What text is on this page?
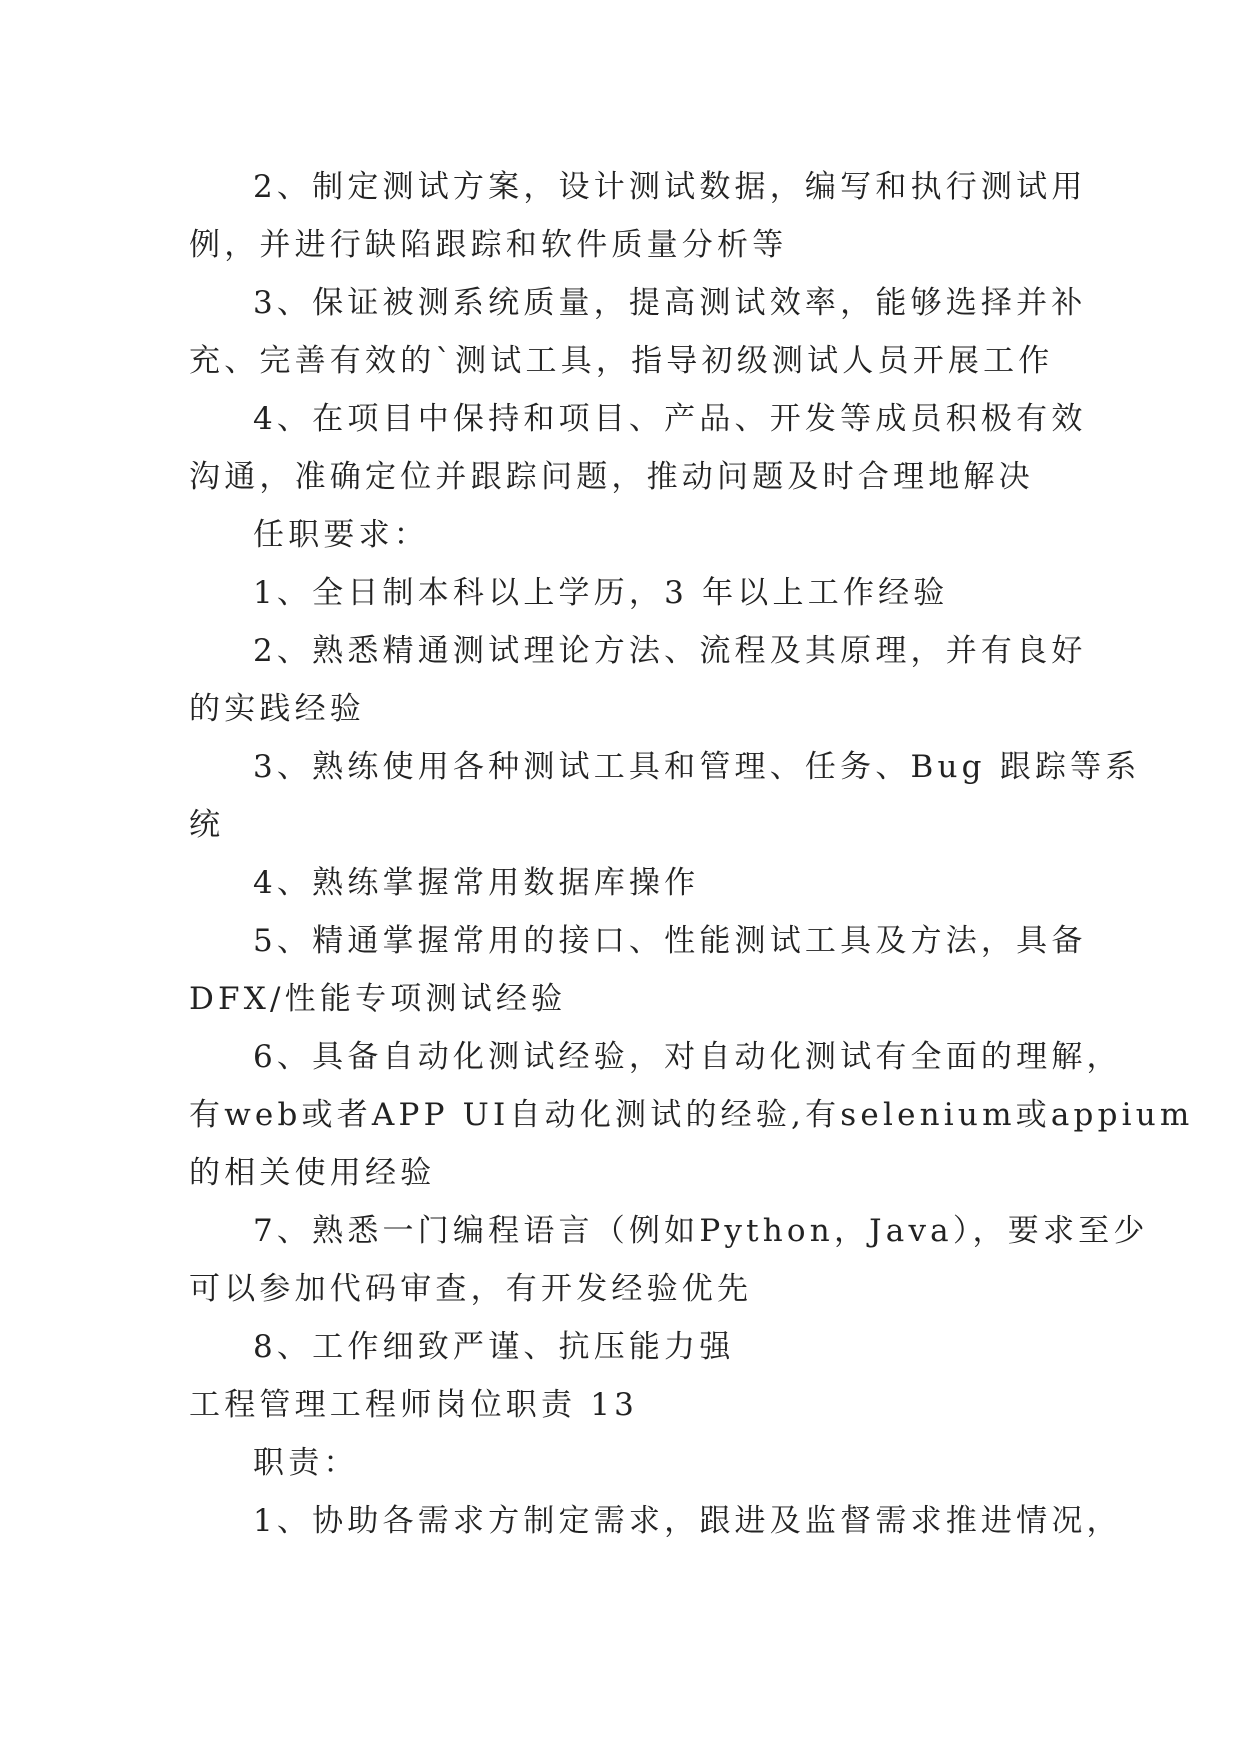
2、制定测试方案，设计测试数据，编写和执行测试用

例，并进行缺陷跟踪和软件质量分析等

3、保证被测系统质量，提高测试效率，能够选择并补

充、完善有效的`测试工具，指导初级测试人员开展工作

4、在项目中保持和项目、产品、开发等成员积极有效

沟通，准确定位并跟踪问题，推动问题及时合理地解决

任职要求：

1、全日制本科以上学历，3 年以上工作经验

2、熟悉精通测试理论方法、流程及其原理，并有良好

的实践经验

3、熟练使用各种测试工具和管理、任务、Bug 跟踪等系

统

4、熟练掌握常用数据库操作

5、精通掌握常用的接口、性能测试工具及方法，具备

DFX/性能专项测试经验

6、具备自动化测试经验，对自动化测试有全面的理解，

有web或者APP UI自动化测试的经验,有selenium或appium

的相关使用经验

7、熟悉一门编程语言（例如Python，Java），要求至少

可以参加代码审查，有开发经验优先

8、工作细致严谨、抗压能力强

工程管理工程师岗位职责 13

职责：

1、协助各需求方制定需求，跟进及监督需求推进情况，
